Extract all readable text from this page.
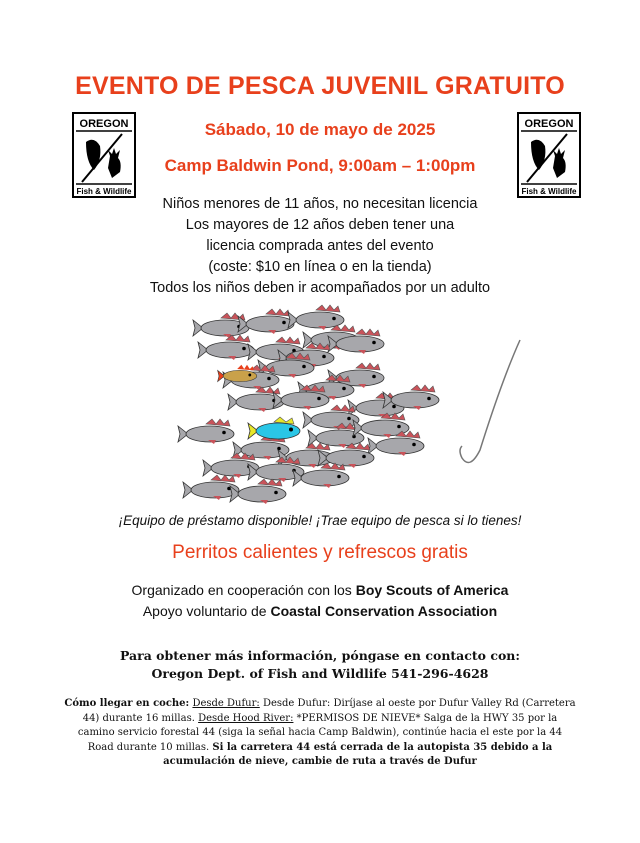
EVENTO DE PESCA JUVENIL GRATUITO
Sábado, 10 de mayo de 2025
Camp Baldwin Pond, 9:00am – 1:00pm
OREGON
Fish & Wildlife
OREGON
Fish & Wildlife
Niños menores de 11 años, no necesitan licencia
Los mayores de 12 años deben tener una
licencia comprada antes del evento
(coste: $10 en línea o en la tienda)
Todos los niños deben ir acompañados por un adulto
¡Equipo de préstamo disponible! ¡Trae equipo de pesca si lo tienes!
Perritos calientes y refrescos gratis
Organizado en cooperación con los Boy Scouts of America
Apoyo voluntario de Coastal Conservation Association
Para obtener más información, póngase en contacto con:
Oregon Dept. of Fish and Wildlife 541-296-4628
Cómo llegar en coche: Desde Dufur: Desde Dufur: Diríjase al oeste por Dufur Valley Rd (Carretera 44) durante 16 millas. Desde Hood River: *PERMISOS DE NIEVE* Salga de la HWY 35 por la camino servicio forestal 44 (siga la señal hacia Camp Baldwin), continúe hacia el este por la 44 Road durante 10 millas. Si la carretera 44 está cerrada de la autopista 35 debido a la acumulación de nieve, cambie de ruta a través de Dufur
